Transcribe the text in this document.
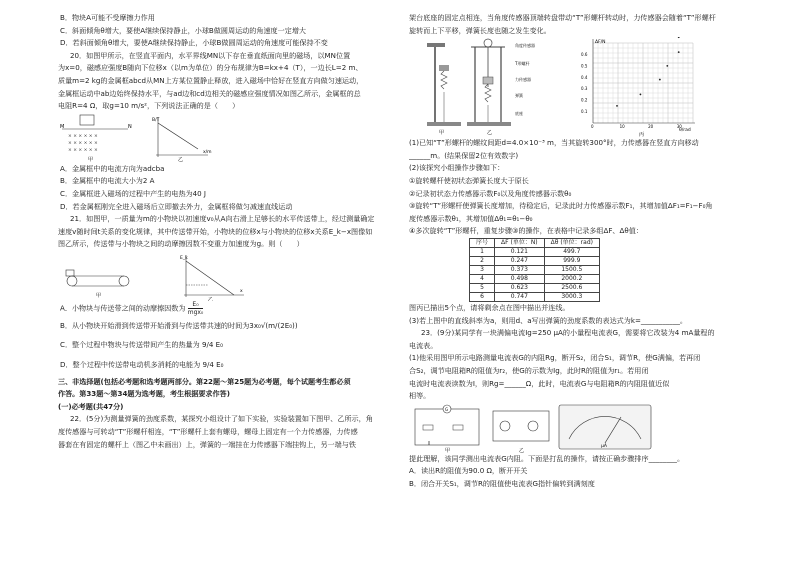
B．物块A可能不受摩擦力作用
C．斜面倾角θ增大，要使A继续保持静止，小球B做圆周运动的角速度一定增大
D．若斜面倾角θ增大，要使A继续保持静止，小球B做圆周运动的角速度可能保持不变
20．如图甲所示，在竖直平面内，水平界线MN以下存在垂直纸面向里的磁场，以MN位置
为x=0，磁感应强度B随向下位移x（以m为单位）的分布规律为B=kx+4（T），一边长L=2 m、
质量m=2 kg的金属框abcd从MN上方某位置静止释放，进入磁场中恰好在竖直方向做匀速运动，
金属框运动中ab边始终保持水平，与ad边和cd边相关的磁感应强度情况如图乙所示，金属框的总
电阻R=4 Ω，取g=10 m/s²，下列说法正确的是（　　）
M	N
× × × × × ×
× × × × × ×
× × × × × ×
甲
B/T
x/m
乙
A．金属框中的电流方向为adcba
B．金属框中的电流大小为2 A
C．金属框进入磁场的过程中产生的电热为40 J
D．若金属框刚完全进入磁场后立即撤去外力，金属框将做匀减速直线运动
21．如图甲，一质量为m的小物块以初速度v₀从A向右滑上足够长的水平传送带上，经过测量确定
速度v随时间t关系的变化规律，其中传送带开始，小物块的位移x与小物块的位移x关系E_k−x图像如
图乙所示，传送带与小物块之间的动摩擦因数不变重力加速度为g。则（　　）
甲
E_k
x
乙
A．小物块与传送带之间的动摩擦因数为 $\frac{\text{E₀}}{\text{mgx₀}}$
B．从小物块开始滑到传送带开始滑到与传送带共速的时间为3x₀√(m/(2E₀))
C．整个过程中物块与传送带间产生的热量为 9/4 E₀
D．整个过程中传送带电动机多消耗的电能为 9/4 E₀
三、非选择题(包括必考题和选考题两部分。第22题～第25题为必考题，每个试题考生都必须
作答。第33题～第34题为选考题，考生根据要求作答)
(一)必考题(共47分)
22．(5分)为测量弹簧的劲度系数，某探究小组设计了如下实验，实验装置如下图甲、乙所示，角
度传感器与可转动“T”形螺杆相连，“T”形螺杆上套有螺母，螺母上固定有一个力传感器，力传感
器套在有固定的螺杆上（图乙中未画出）上，弹簧的一端挂在力传感器下端挂钩上，另一端与铁
架台底座的固定点相连，当角度传感器顶端转盘带动“T”形螺杆转动时，力传感器会随着“T”形螺杆
旋转而上下平移，弹簧长度也随之发生变化。
甲
角度传感器
T形螺杆
力传感器
弹簧
底座
乙
ΔF/N
θ/rad
0.6
0.5
0.4
0.3
0.2
0.1
0	10	20	30
丙
(1)已知“T”形螺杆的螺纹间距d=4.0×10⁻³ m，当其旋转300°时，力传感器在竖直方向移动
______m。(结果保留2位有效数字)
(2)该探究小组操作步骤如下：
①旋转螺杆使初状态弹簧长度大于原长
②记录初状态力传感器示数F₀以及角度传感器示数θ₀
③旋转“T”形螺杆使弹簧长度增加，待稳定后，记录此时力传感器示数F₁，其增加值ΔF₁=F₁−F₀角
度传感器示数θ₁，其增加值Δθ₁=θ₁−θ₀
④多次旋转“T”形螺杆，重复步骤③的操作，在表格中记录多组ΔF、Δθ值：
序号	ΔF (单位：N)	Δθ (单位：rad)
1	0.121	499.7
2	0.247	999.9
3	0.373	1500.5
4	0.498	2000.2
5	0.623	2500.6
6	0.747	3000.3
图丙已描出5个点，请将剩余点在图中描出并连线。
(3)若上图中的直线斜率为a，则用d、a写出弹簧的劲度系数的表达式为k=___________。
23．(9分)某同学有一块满偏电流Ig=250 μA的小量程电流表G，需要将它改装为4 mA量程的
电流表。
(1)他采用图甲所示电路测量电流表G的内阻Rg，断开S₂，闭合S₁，调节R，使G满偏，若再闭
合S₂，调节电阻箱R的阻值为r₂，使G的示数为Ig，此时R的阻值为r₁。若用闭
电流时电流表读数为I，则Rg=______Ω，此时，电流表G与电阻箱R的内阻阻值近似
相等。
G
甲	乙
μA
提此理解，该同学测出电流表G内阻。下面是打乱的操作，请按正确步骤排序________。
A．读出R的阻值为90.0 Ω，断开开关
B．闭合开关S₁，调节R的阻值使电流表G指针偏转到满刻度
